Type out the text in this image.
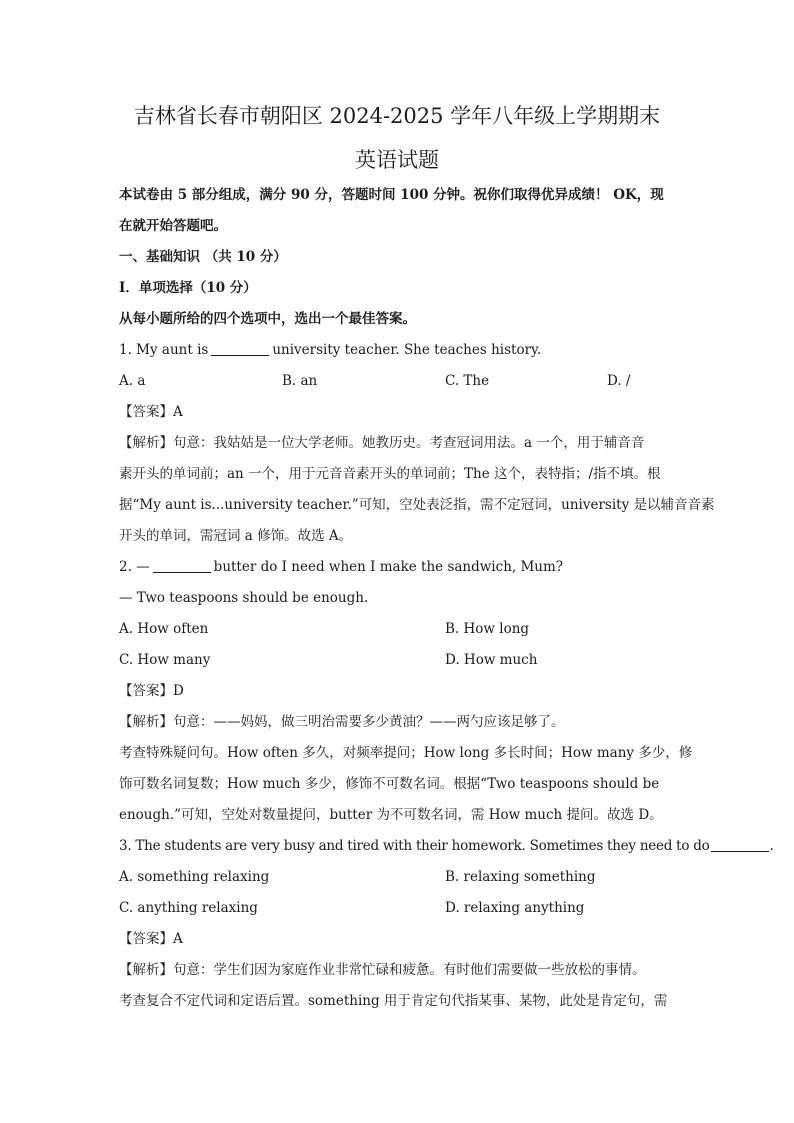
吉林省长春市朝阳区 2024-2025 学年八年级上学期期末
英语试题
本试卷由 5 部分组成，满分 90 分，答题时间 100 分钟。祝你们取得优异成绩！ OK，现
在就开始答题吧。
一、基础知识 （共 10 分）
Ⅰ．单项选择（10 分）
从每小题所给的四个选项中，选出一个最佳答案。
1. My aunt is	university teacher. She teaches history.
A. a	B. an	C. The	D. /
【答案】A
【解析】句意：我姑姑是一位大学老师。她教历史。考查冠词用法。a 一个，用于辅音音
素开头的单词前；an 一个，用于元音音素开头的单词前；The 这个，表特指；/指不填。根
据“My aunt is...university teacher.”可知，空处表泛指，需不定冠词，university 是以辅音音素
开头的单词，需冠词 a 修饰。故选 A。
2. —	butter do I need when I make the sandwich, Mum?
— Two teaspoons should be enough.
A. How often	B. How long
C. How many	D. How much
【答案】D
【解析】句意：——妈妈，做三明治需要多少黄油？——两勺应该足够了。
考查特殊疑问句。How often 多久，对频率提问；How long 多长时间；How many 多少，修
饰可数名词复数；How much 多少，修饰不可数名词。根据“Two teaspoons should be
enough.”可知，空处对数量提问，butter 为不可数名词，需 How much 提问。故选 D。
3. The students are very busy and tired with their homework. Sometimes they need to do	.
A. something relaxing	B. relaxing something
C. anything relaxing	D. relaxing anything
【答案】A
【解析】句意：学生们因为家庭作业非常忙碌和疲惫。有时他们需要做一些放松的事情。
考查复合不定代词和定语后置。something 用于肯定句代指某事、某物，此处是肯定句，需
